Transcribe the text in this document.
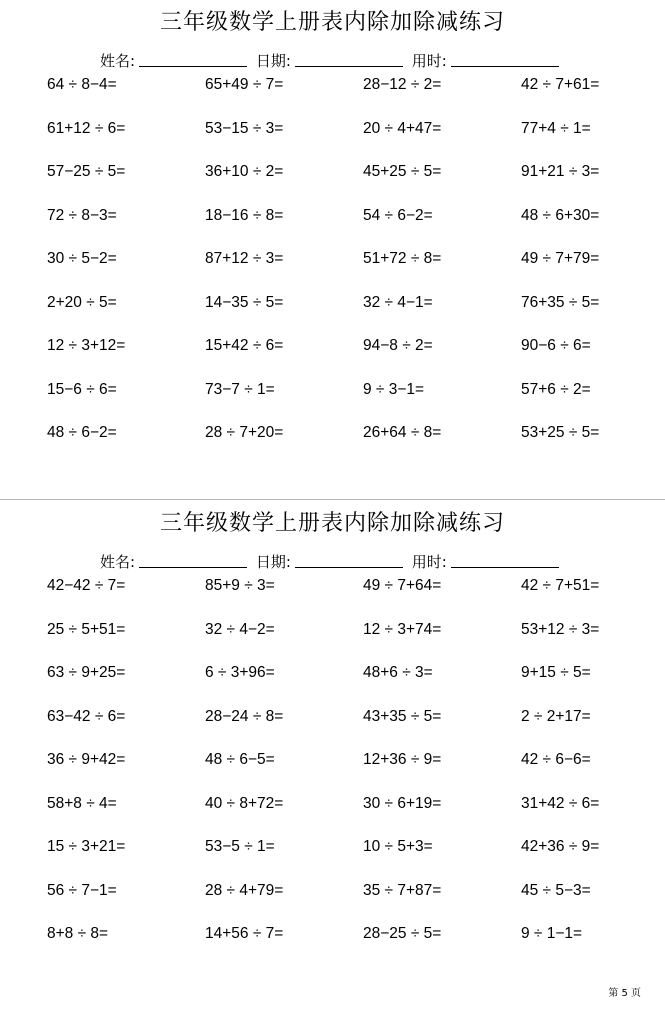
三年级数学上册表内除加除减练习
姓名:	日期:	用时:
64 ÷ 8−4=	65+49 ÷ 7=	28−12 ÷ 2=	42 ÷ 7+61=
61+12 ÷ 6=	53−15 ÷ 3=	20 ÷ 4+47=	77+4 ÷ 1=
57−25 ÷ 5=	36+10 ÷ 2=	45+25 ÷ 5=	91+21 ÷ 3=
72 ÷ 8−3=	18−16 ÷ 8=	54 ÷ 6−2=	48 ÷ 6+30=
30 ÷ 5−2=	87+12 ÷ 3=	51+72 ÷ 8=	49 ÷ 7+79=
2+20 ÷ 5=	14−35 ÷ 5=	32 ÷ 4−1=	76+35 ÷ 5=
12 ÷ 3+12=	15+42 ÷ 6=	94−8 ÷ 2=	90−6 ÷ 6=
15−6 ÷ 6=	73−7 ÷ 1=	9 ÷ 3−1=	57+6 ÷ 2=
48 ÷ 6−2=	28 ÷ 7+20=	26+64 ÷ 8=	53+25 ÷ 5=
三年级数学上册表内除加除减练习
姓名:	日期:	用时:
42−42 ÷ 7=	85+9 ÷ 3=	49 ÷ 7+64=	42 ÷ 7+51=
25 ÷ 5+51=	32 ÷ 4−2=	12 ÷ 3+74=	53+12 ÷ 3=
63 ÷ 9+25=	6 ÷ 3+96=	48+6 ÷ 3=	9+15 ÷ 5=
63−42 ÷ 6=	28−24 ÷ 8=	43+35 ÷ 5=	2 ÷ 2+17=
36 ÷ 9+42=	48 ÷ 6−5=	12+36 ÷ 9=	42 ÷ 6−6=
58+8 ÷ 4=	40 ÷ 8+72=	30 ÷ 6+19=	31+42 ÷ 6=
15 ÷ 3+21=	53−5 ÷ 1=	10 ÷ 5+3=	42+36 ÷ 9=
56 ÷ 7−1=	28 ÷ 4+79=	35 ÷ 7+87=	45 ÷ 5−3=
8+8 ÷ 8=	14+56 ÷ 7=	28−25 ÷ 5=	9 ÷ 1−1=
第 5 页
